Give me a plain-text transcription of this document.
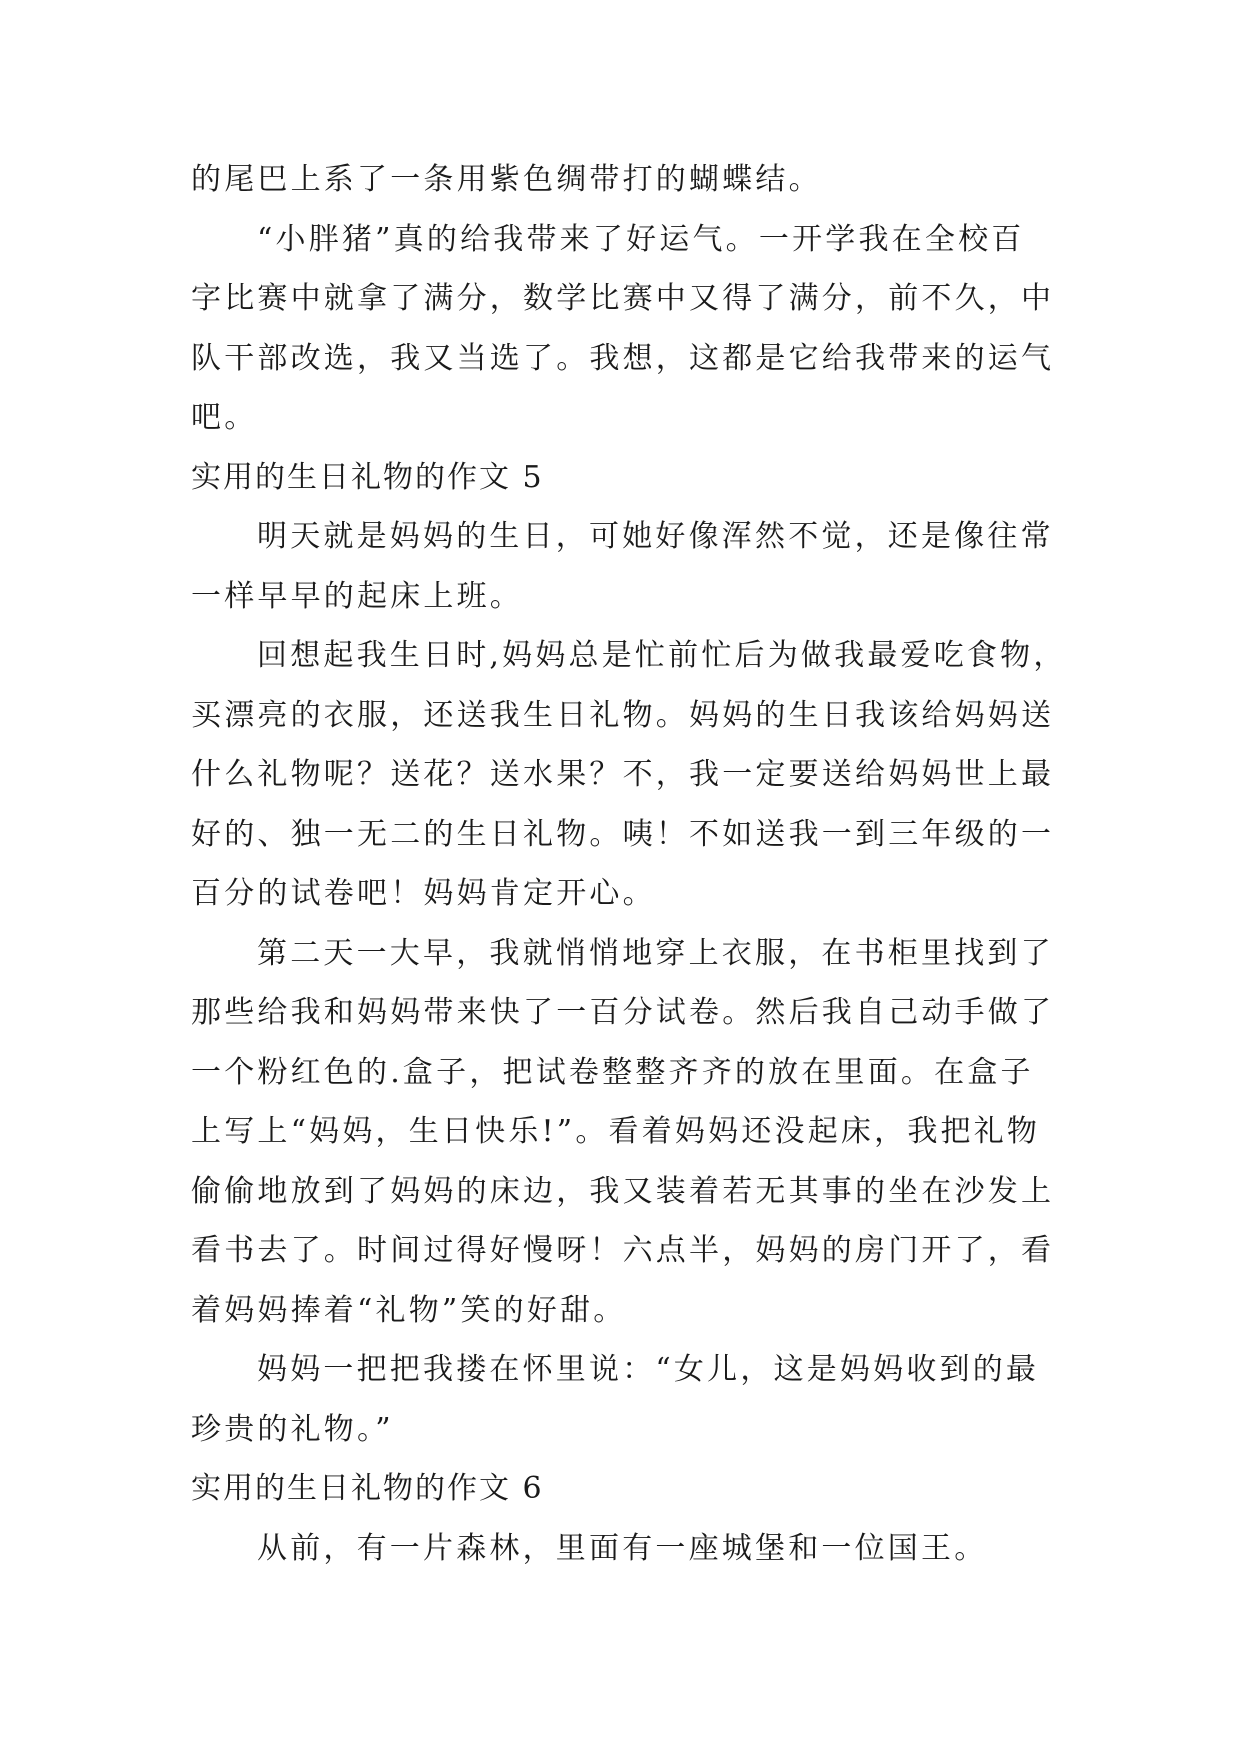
的尾巴上系了一条用紫色绸带打的蝴蝶结。
“小胖猪”真的给我带来了好运气。一开学我在全校百
字比赛中就拿了满分，数学比赛中又得了满分，前不久，中
队干部改选，我又当选了。我想，这都是它给我带来的运气
吧。
实用的生日礼物的作文 5
明天就是妈妈的生日，可她好像浑然不觉，还是像往常
一样早早的起床上班。
回想起我生日时,妈妈总是忙前忙后为做我最爱吃食物，
买漂亮的衣服，还送我生日礼物。妈妈的生日我该给妈妈送
什么礼物呢？送花？送水果？不，我一定要送给妈妈世上最
好的、独一无二的生日礼物。咦！不如送我一到三年级的一
百分的试卷吧！妈妈肯定开心。
第二天一大早，我就悄悄地穿上衣服，在书柜里找到了
那些给我和妈妈带来快了一百分试卷。然后我自己动手做了
一个粉红色的.盒子，把试卷整整齐齐的放在里面。在盒子
上写上“妈妈，生日快乐!”。看着妈妈还没起床，我把礼物
偷偷地放到了妈妈的床边，我又装着若无其事的坐在沙发上
看书去了。时间过得好慢呀！六点半，妈妈的房门开了，看
着妈妈捧着“礼物”笑的好甜。
妈妈一把把我搂在怀里说：“女儿，这是妈妈收到的最
珍贵的礼物。”
实用的生日礼物的作文 6
从前，有一片森林，里面有一座城堡和一位国王。
